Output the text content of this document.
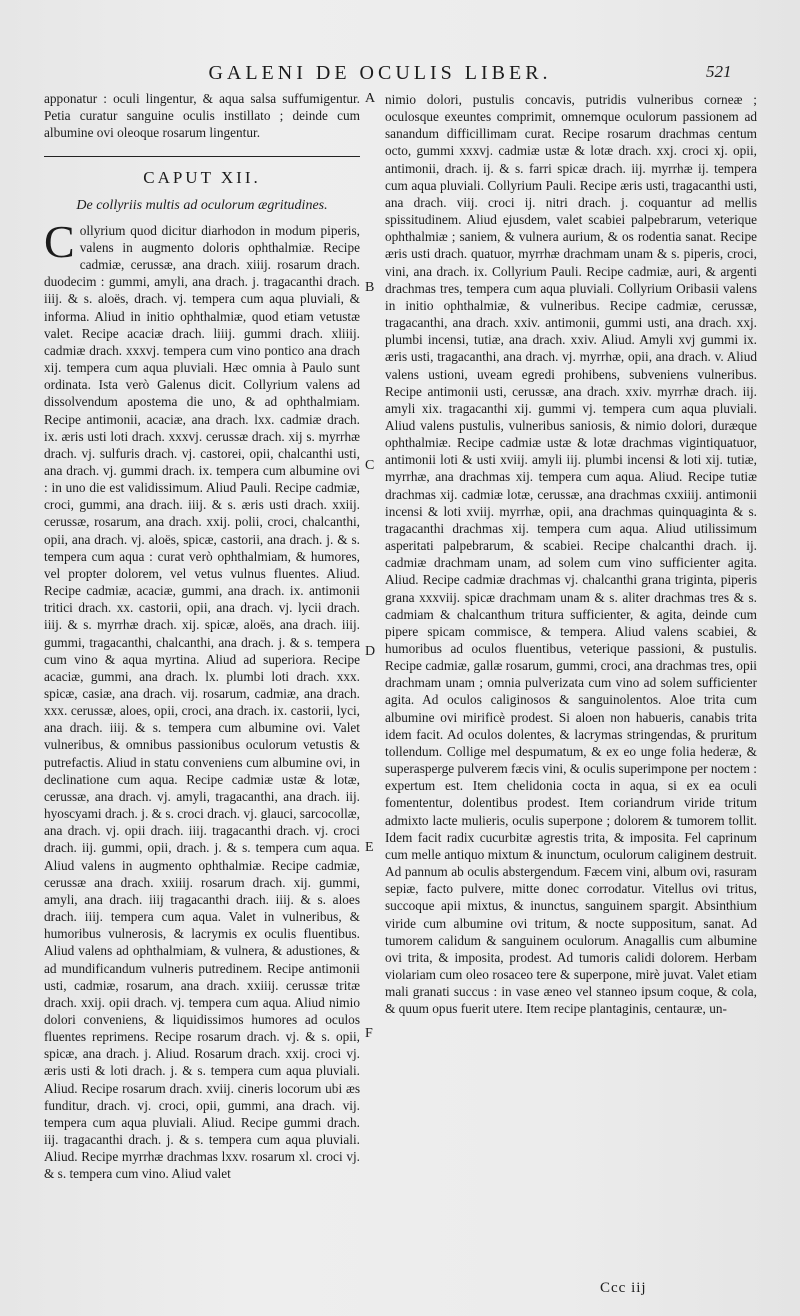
GALENI DE OCULIS LIBER.	521

apponatur : oculi lingentur, & aqua salsa suffumigentur. Petia curatur sanguine oculis instillato ; deinde cum albumine ovi oleoque rosarum lingentur.

CAPUT XII.
De collyriis multis ad oculorum ægritudines.

Collyrium quod dicitur diarhodon in modum piperis, valens in augmento doloris ophthalmiæ. Recipe cadmiæ, cerussæ, ana drach. xiiij. rosarum drach. duodecim : gummi, amyli, ana drach. j. tragacanthi drach. iiij. & s. aloës, drach. vj. tempera cum aqua pluviali, & informa. Aliud in initio ophthalmiæ, quod etiam vetustæ valet. Recipe acaciæ drach. liiij. gummi drach. xliiij. cadmiæ drach. xxxvj. tempera cum vino pontico ana drach xij. tempera cum aqua pluviali. Hæc omnia à Paulo sunt ordinata. Ista verò Galenus dicit. Collyrium valens ad dissolvendum apostema die uno, & ad ophthalmiam. Recipe antimonii, acaciæ, ana drach. lxx. cadmiæ drach. ix. æris usti loti drach. xxxvj. cerussæ drach. xij s. myrrhæ drach. vj. sulfuris drach. vj. castorei, opii, chalcanthi usti, ana drach. vj. gummi drach. ix. tempera cum albumine ovi : in uno die est validissimum. Aliud Pauli. Recipe cadmiæ, croci, gummi, ana drach. iiij. & s. æris usti drach. xxiij. cerussæ, rosarum, ana drach. xxij. polii, croci, chalcanthi, opii, ana drach. vj. aloës, spicæ, castorii, ana drach. j. & s. tempera cum aqua : curat verò ophthalmiam, & humores, vel propter dolorem, vel vetus vulnus fluentes. Aliud. Recipe cadmiæ, acaciæ, gummi, ana drach. ix. antimonii tritici drach. xx. castorii, opii, ana drach. vj. lycii drach. iiij. & s. myrrhæ drach. xij. spicæ, aloës, ana drach. iiij. gummi, tragacanthi, chalcanthi, ana drach. j. & s. tempera cum vino & aqua myrtina. Aliud ad superiora. Recipe acaciæ, gummi, ana drach. lx. plumbi loti drach. xxx. spicæ, casiæ, ana drach. vij. rosarum, cadmiæ, ana drach. xxx. cerussæ, aloes, opii, croci, ana drach. ix. castorii, lyci, ana drach. iiij. & s. tempera cum albumine ovi. Valet vulneribus, & omnibus passionibus oculorum vetustis & putrefactis. Aliud in statu conveniens cum albumine ovi, in declinatione cum aqua. Recipe cadmiæ ustæ & lotæ, cerussæ, ana drach. vj. amyli, tragacanthi, ana drach. iij. hyoscyami drach. j. & s. croci drach. vj. glauci, sarcocollæ, ana drach. vj. opii drach. iiij. tragacanthi drach. vj. croci drach. iij. gummi, opii, drach. j. & s. tempera cum aqua. Aliud valens in augmento ophthalmiæ. Recipe cadmiæ, cerussæ ana drach. xxiiij. rosarum drach. xij. gummi, amyli, ana drach. iiij tragacanthi drach. iiij. & s. aloes drach. iiij. tempera cum aqua. Valet in vulneribus, & humoribus vulnerosis, & lacrymis ex oculis fluentibus. Aliud valens ad ophthalmiam, & vulnera, & adustiones, & ad mundificandum vulneris putredinem. Recipe antimonii usti, cadmiæ, rosarum, ana drach. xxiiij. cerussæ tritæ drach. xxij. opii drach. vj. tempera cum aqua. Aliud nimio dolori conveniens, & liquidissimos humores ad oculos fluentes reprimens. Recipe rosarum drach. vj. & s. opii, spicæ, ana drach. j. Aliud. Rosarum drach. xxij. croci vj. æris usti & loti drach. j. & s. tempera cum aqua pluviali. Aliud. Recipe rosarum drach. xviij. cineris locorum ubi æs funditur, drach. vj. croci, opii, gummi, ana drach. vij. tempera cum aqua pluviali. Aliud. Recipe gummi drach. iij. tragacanthi drach. j. & s. tempera cum aqua pluviali. Aliud. Recipe myrrhæ drachmas lxxv. rosarum xl. croci vj. & s. tempera cum vino. Aliud valet

A
B
C
D
E
F

nimio dolori, pustulis concavis, putridis vulneribus corneæ ; oculosque exeuntes comprimit, omnemque oculorum passionem ad sanandum difficillimam curat. Recipe rosarum drachmas centum octo, gummi xxxvj. cadmiæ ustæ & lotæ drach. xxj. croci xj. opii, antimonii, drach. ij. & s. farri spicæ drach. iij. myrrhæ ij. tempera cum aqua pluviali. Collyrium Pauli. Recipe æris usti, tragacanthi usti, ana drach. viij. croci ij. nitri drach. j. coquantur ad mellis spissitudinem. Aliud ejusdem, valet scabiei palpebrarum, veterique ophthalmiæ ; saniem, & vulnera aurium, & os rodentia sanat. Recipe æris usti drach. quatuor, myrrhæ drachmam unam & s. piperis, croci, vini, ana drach. ix. Collyrium Pauli. Recipe cadmiæ, auri, & argenti drachmas tres, tempera cum aqua pluviali. Collyrium Oribasii valens in initio ophthalmiæ, & vulneribus. Recipe cadmiæ, cerussæ, tragacanthi, ana drach. xxiv. antimonii, gummi usti, ana drach. xxj. plumbi incensi, tutiæ, ana drach. xxiv. Aliud. Amyli xvj gummi ix. æris usti, tragacanthi, ana drach. vj. myrrhæ, opii, ana drach. v. Aliud valens ustioni, uveam egredi prohibens, subveniens vulneribus. Recipe antimonii usti, cerussæ, ana drach. xxiv. myrrhæ drach. iij. amyli xix. tragacanthi xij. gummi vj. tempera cum aqua pluviali. Aliud valens pustulis, vulneribus saniosis, & nimio dolori, duræque ophthalmiæ. Recipe cadmiæ ustæ & lotæ drachmas vigintiquatuor, antimonii loti & usti xviij. amyli iij. plumbi incensi & loti xij. tutiæ, myrrhæ, ana drachmas xij. tempera cum aqua. Aliud. Recipe tutiæ drachmas xij. cadmiæ lotæ, cerussæ, ana drachmas cxxiiij. antimonii incensi & loti xviij. myrrhæ, opii, ana drachmas quinquaginta & s. tragacanthi drachmas xij. tempera cum aqua. Aliud utilissimum asperitati palpebrarum, & scabiei. Recipe chalcanthi drach. ij. cadmiæ drachmam unam, ad solem cum vino sufficienter agita. Aliud. Recipe cadmiæ drachmas vj. chalcanthi grana triginta, piperis grana xxxviij. spicæ drachmam unam & s. aliter drachmas tres & s. cadmiam & chalcanthum tritura sufficienter, & agita, deinde cum pipere spicam commisce, & tempera. Aliud valens scabiei, & humoribus ad oculos fluentibus, veterique passioni, & pustulis. Recipe cadmiæ, gallæ rosarum, gummi, croci, ana drachmas tres, opii drachmam unam ; omnia pulverizata cum vino ad solem sufficienter agita. Ad oculos caliginosos & sanguinolentos. Aloe trita cum albumine ovi mirificè prodest. Si aloen non habueris, canabis trita idem facit. Ad oculos dolentes, & lacrymas stringendas, & pruritum tollendum. Collige mel despumatum, & ex eo unge folia hederæ, & superasperge pulverem fæcis vini, & oculis superimpone per noctem : expertum est. Item chelidonia cocta in aqua, si ex ea oculi fomententur, dolentibus prodest. Item coriandrum viride tritum admixto lacte mulieris, oculis superpone ; dolorem & tumorem tollit. Idem facit radix cucurbitæ agrestis trita, & imposita. Fel caprinum cum melle antiquo mixtum & inunctum, oculorum caliginem destruit. Ad pannum ab oculis abstergendum. Fæcem vini, album ovi, rasuram sepiæ, facto pulvere, mitte donec corrodatur. Vitellus ovi tritus, succoque apii mixtus, & inunctus, sanguinem spargit. Absinthium viride cum albumine ovi tritum, & nocte suppositum, sanat. Ad tumorem calidum & sanguinem oculorum. Anagallis cum albumine ovi trita, & imposita, prodest. Ad tumoris calidi dolorem. Herbam violariam cum oleo rosaceo tere & superpone, mirè juvat. Valet etiam mali granati succus : in vase æneo vel stanneo ipsum coque, & cola, & quum opus fuerit utere. Item recipe plantaginis, centauræ, un-

Ccc iij
